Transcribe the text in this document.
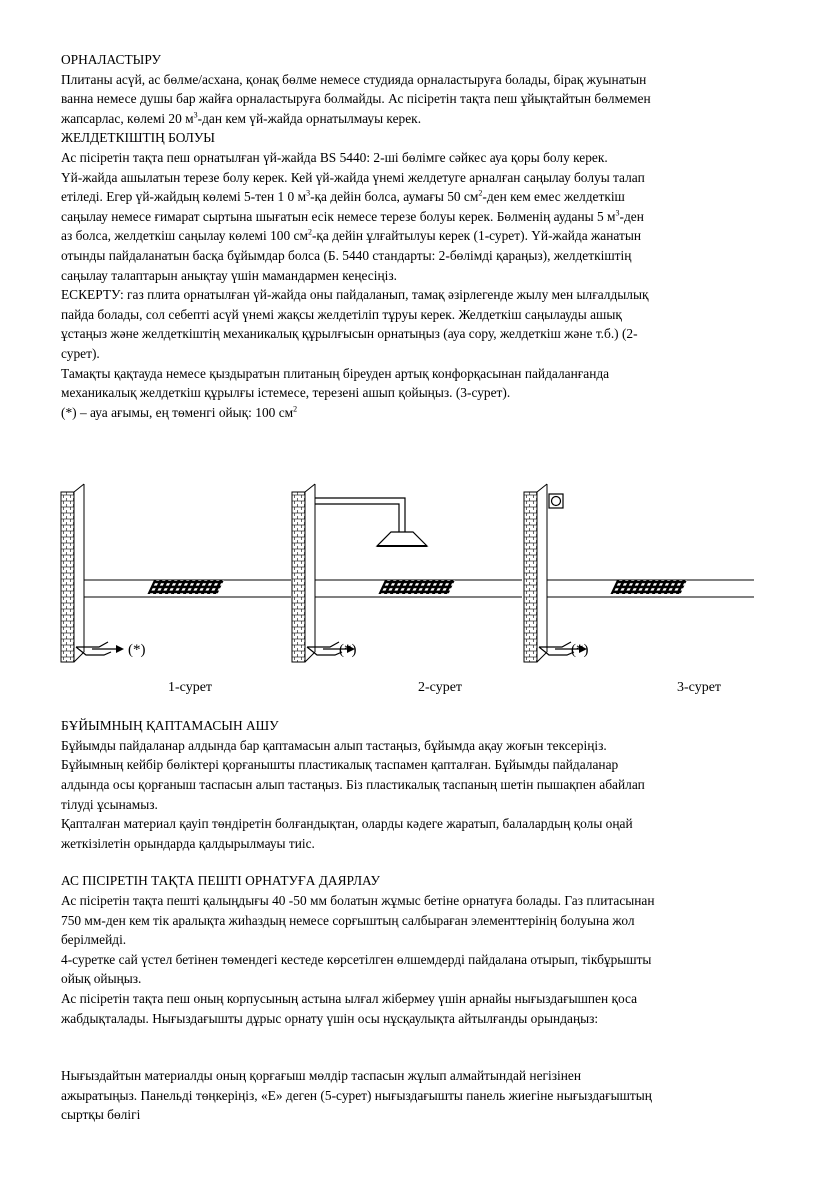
ОРНАЛАСТЫРУ

Плитаны асүй, ас бөлме/асхана, қонақ бөлме немесе студияда орналастыруға болады, бірақ жуынатын

ванна немесе душы бар жайға орналастыруға болмайды. Ас пісіретін тақта пеш ұйықтайтын бөлмемен

жапсарлас, көлемі 20 $м^3$-дан кем үй-жайда орнатылмауы керек.

ЖЕЛДЕТКІШТІҢ БОЛУЫ

Ас пісіретін тақта пеш орнатылған үй-жайда BS 5440: 2-ші бөлімге сәйкес ауа қоры болу керек.

Үй-жайда ашылатын терезе болу керек. Кей үй-жайда үнемі желдетуге арналған саңылау болуы талап

етіледі. Егер үй-жайдың көлемі 5-тен 1 0 $м^3-қа$ дейін болса, аумағы 50 $см^2$-ден кем емес желдеткіш

саңылау немесе ғимарат сыртына шығатын есік немесе терезе болуы керек. Бөлменің ауданы 5 $м^3$-ден

аз болса, желдеткіш саңылау көлемі 100 $см^2-қа$ дейін ұлғайтылуы керек (1-сурет). Үй-жайда жанатын

отынды пайдаланатын басқа бұйымдар болса (Б. 5440 стандарты: 2-бөлімді қараңыз), желдеткіштің

саңылау талаптарын анықтау үшін мамандармен кеңесіңіз.

ЕСКЕРТУ: газ плита орнатылған үй-жайда оны пайдаланып, тамақ әзірлегенде жылу мен ылғалдылық

пайда болады, сол себепті асүй үнемі жақсы желдетіліп тұруы керек. Желдеткіш саңылауды ашық

ұстаңыз және желдеткіштің механикалық құрылғысын орнатыңыз (ауа сору, желдеткіш және т.б.) (2-

сурет).

Тамақты қақтауда немесе қыздыратын плитаның біреуден артық конфорқасынан пайдаланғанда

механикалық желдеткіш құрылғы істемесе, терезені ашып қойыңыз. (3-сурет).

(*) – ауа ағымы, ең төменгі ойық: 100 $см^2$

(*)	(*)	(*)
1-сурет	2-сурет	3-сурет

БҰЙЫМНЫҢ ҚАПТАМАСЫН АШУ

Бұйымды пайдаланар алдында бар қаптамасын алып тастаңыз, бұйымда ақау жоғын тексеріңіз.

Бұйымның кейбір бөліктері қорғанышты пластикалық таспамен қапталған. Бұйымды пайдаланар

алдында осы қорғаныш таспасын алып тастаңыз. Біз пластикалық таспаның шетін пышақпен абайлап

тілуді ұсынамыз.

Қапталған материал қауіп төндіретін болғандықтан, оларды кәдеге жаратып, балалардың қолы оңай

жеткізілетін орындарда қалдырылмауы тиіс.

АС ПІСІРЕТІН ТАҚТА ПЕШТІ ОРНАТУҒА ДАЯРЛАУ

Ас пісіретін тақта пешті қалыңдығы 40 -50 мм болатын жұмыс бетіне орнатуға болады. Газ плитасынан

750 мм-ден кем тік аралықта жиһаздың немесе сорғыштың салбыраған элементтерінің болуына жол

берілмейді.

4-суретке сай үстел бетінен төмендегі кестеде көрсетілген өлшемдерді пайдалана отырып, тікбұрышты

ойық ойыңыз.

Ас пісіретін тақта пеш оның корпусының астына ылғал жібермеу үшін арнайы нығыздағышпен қоса

жабдықталады. Нығыздағышты дұрыс орнату үшін осы нұсқаулықта айтылғанды орындаңыз:

Нығыздайтын материалды оның қорғағыш мөлдір таспасын жұлып алмайтындай негізінен

ажыратыңыз. Панельді төңкеріңіз, «Е» деген (5-сурет) нығыздағышты панель жиегіне нығыздағыштың

сыртқы бөлігі
